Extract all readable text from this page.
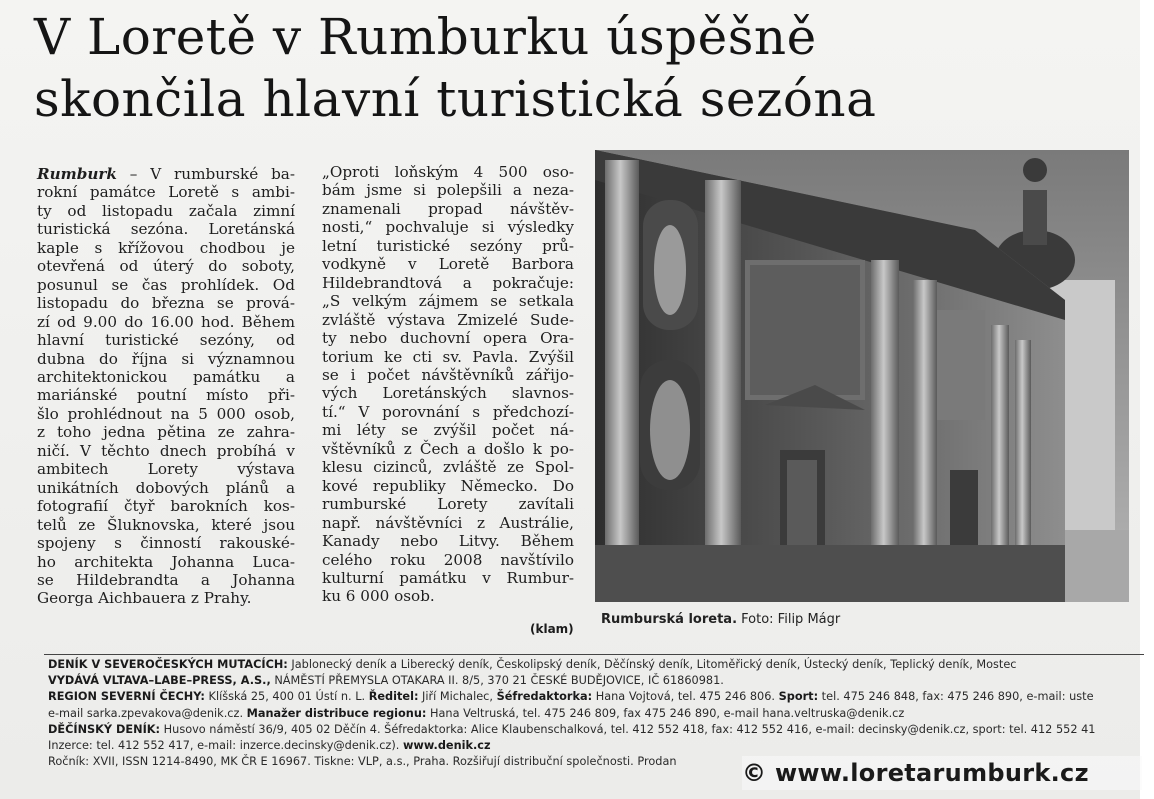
V Loretě v Rumburku úspěšně
skončila hlavní turistická sezóna
Rumburk – V rumburské ba-
rokní památce Loretě s ambi-
ty od listopadu začala zimní
turistická sezóna. Loretánská
kaple s křížovou chodbou je
otevřená od úterý do soboty,
posunul se čas prohlídek. Od
listopadu do března se prová-
zí od 9.00 do 16.00 hod. Během
hlavní turistické sezóny, od
dubna do října si významnou
architektonickou památku a
mariánské poutní místo při-
šlo prohlédnout na 5 000 osob,
z toho jedna pětina ze zahra-
ničí. V těchto dnech probíhá v
ambitech Lorety výstava
unikátních dobových plánů a
fotografií čtyř barokních kos-
telů ze Šluknovska, které jsou
spojeny s činností rakouské-
ho architekta Johanna Luca-
se Hildebrandta a Johanna
Georga Aichbauera z Prahy.
„Oproti loňským 4 500 oso-
bám jsme si polepšili a neza-
znamenali propad návštěv-
nosti,“ pochvaluje si výsledky
letní turistické sezóny prů-
vodkyně v Loretě Barbora
Hildebrandtová a pokračuje:
„S velkým zájmem se setkala
zvláště výstava Zmizelé Sude-
ty nebo duchovní opera Ora-
torium ke cti sv. Pavla. Zvýšil
se i počet návštěvníků zářijo-
vých Loretánských slavnos-
tí.“ V porovnání s předchozí-
mi léty se zvýšil počet ná-
vštěvníků z Čech a došlo k po-
klesu cizinců, zvláště ze Spol-
kové republiky Německo. Do
rumburské Lorety zavítali
např. návštěvníci z Austrálie,
Kanady nebo Litvy. Během
celého roku 2008 navštívilo
kulturní památku v Rumbur-
ku 6 000 osob.
(klam)
Rumburská loreta. Foto: Filip Mágr
DENÍK V SEVEROČESKÝCH MUTACÍCH: Jablonecký deník a Liberecký deník, Českolipský deník, Děčínský deník, Litoměřický deník, Ústecký deník, Teplický deník, Mostec
VYDÁVÁ VLTAVA–LABE–PRESS, A.S., NÁMĚSTÍ PŘEMYSLA OTAKARA II. 8/5, 370 21 ČESKÉ BUDĚJOVICE, IČ 61860981.
REGION SEVERNÍ ČECHY: Klíšská 25, 400 01 Ústí n. L. Ředitel: Jiří Michalec, Šéfredaktorka: Hana Vojtová, tel. 475 246 806. Sport: tel. 475 246 848, fax: 475 246 890, e-mail: uste
e-mail sarka.zpevakova@denik.cz. Manažer distribuce regionu: Hana Veltruská, tel. 475 246 809, fax 475 246 890, e-mail hana.veltruska@denik.cz
DĚČÍNSKÝ DENÍK: Husovo náměstí 36/9, 405 02 Děčín 4. Šéfredaktorka: Alice Klaubenschalková, tel. 412 552 418, fax: 412 552 416, e-mail: decinsky@denik.cz, sport: tel. 412 552 41
Inzerce: tel. 412 552 417, e-mail: inzerce.decinsky@denik.cz). www.denik.cz
Ročník: XVII, ISSN 1214-8490, MK ČR E 16967. Tiskne: VLP, a.s., Praha. Rozšiřují distribuční společnosti. Prodan	© www.loretarumburk.cz
